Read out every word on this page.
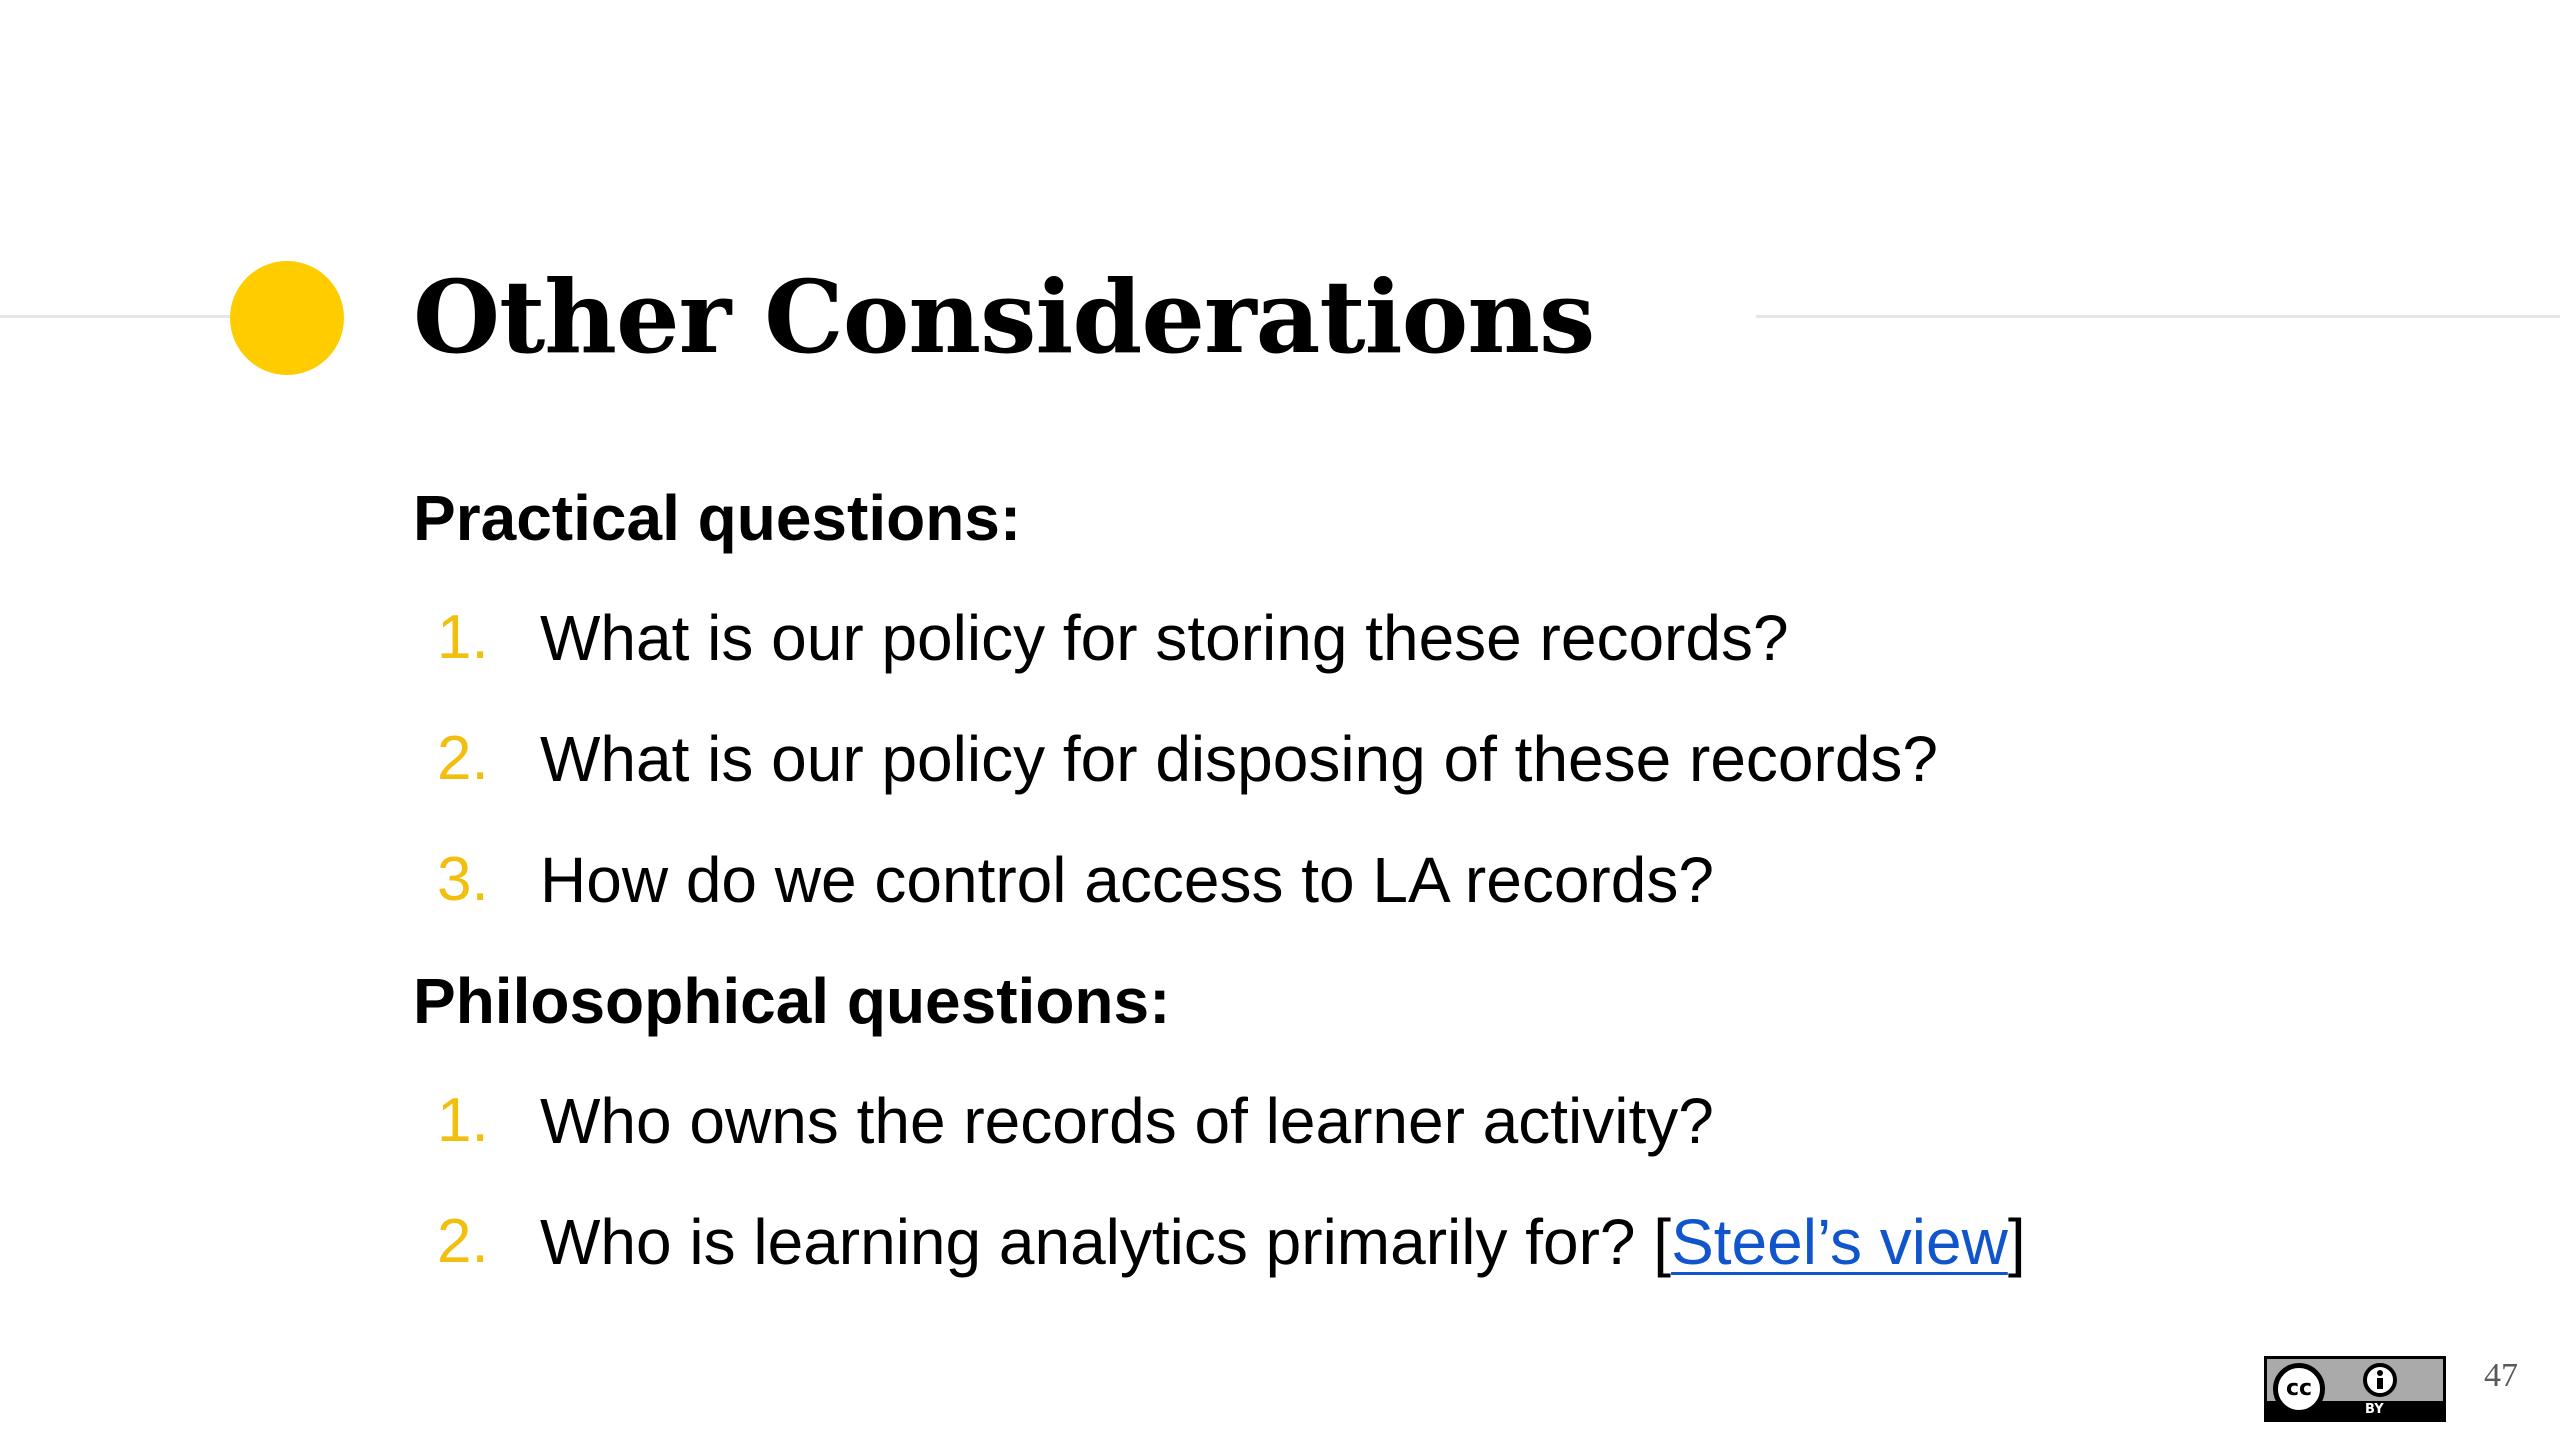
Other Considerations
Practical questions:
1. What is our policy for storing these records?
2. What is our policy for disposing of these records?
3. How do we control access to LA records?
Philosophical questions:
1. Who owns the records of learner activity?
2. Who is learning analytics primarily for? [Steel’s view]
cc
BY
47
